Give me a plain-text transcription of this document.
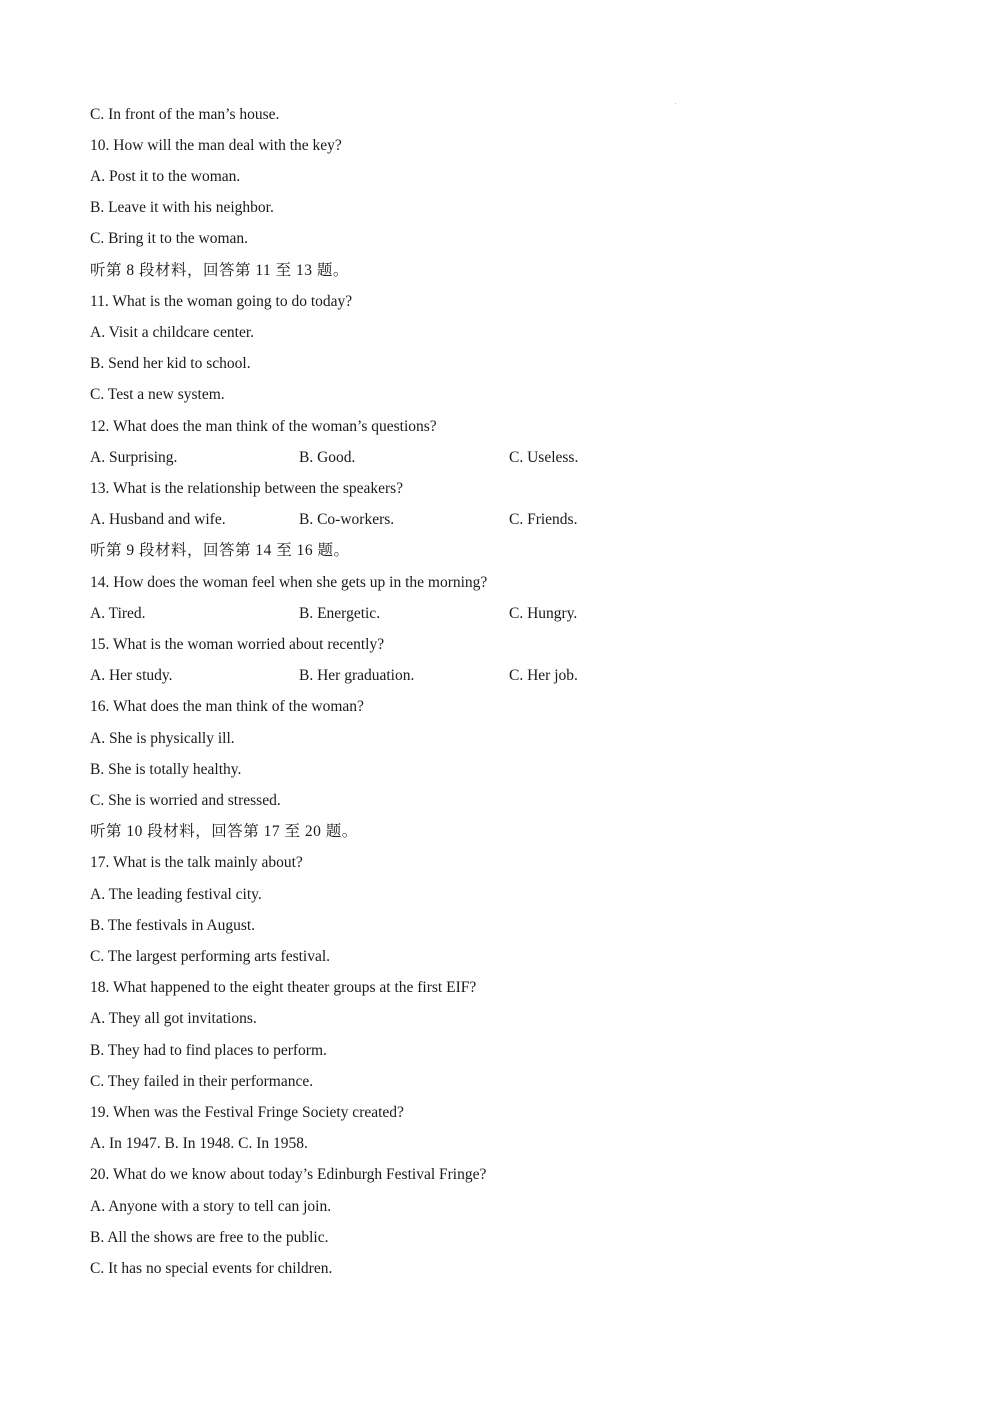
C. In front of the man’s house.
10. How will the man deal with the key?
A. Post it to the woman.
B. Leave it with his neighbor.
C. Bring it to the woman.
听第 8 段材料，回答第 11 至 13 题。
11. What is the woman going to do today?
A. Visit a childcare center.
B. Send her kid to school.
C. Test a new system.
12. What does the man think of the woman’s questions?
A. Surprising.	B. Good.	C. Useless.
13. What is the relationship between the speakers?
A. Husband and wife.	B. Co-workers.	C. Friends.
听第 9 段材料，回答第 14 至 16 题。
14. How does the woman feel when she gets up in the morning?
A. Tired.	B. Energetic.	C. Hungry.
15. What is the woman worried about recently?
A. Her study.	B. Her graduation.	C. Her job.
16. What does the man think of the woman?
A. She is physically ill.
B. She is totally healthy.
C. She is worried and stressed.
听第 10 段材料，回答第 17 至 20 题。
17. What is the talk mainly about?
A. The leading festival city.
B. The festivals in August.
C. The largest performing arts festival.
18. What happened to the eight theater groups at the first EIF?
A. They all got invitations.
B. They had to find places to perform.
C. They failed in their performance.
19. When was the Festival Fringe Society created?
A. In 1947. B. In 1948. C. In 1958.
20. What do we know about today’s Edinburgh Festival Fringe?
A. Anyone with a story to tell can join.
B. All the shows are free to the public.
C. It has no special events for children.
